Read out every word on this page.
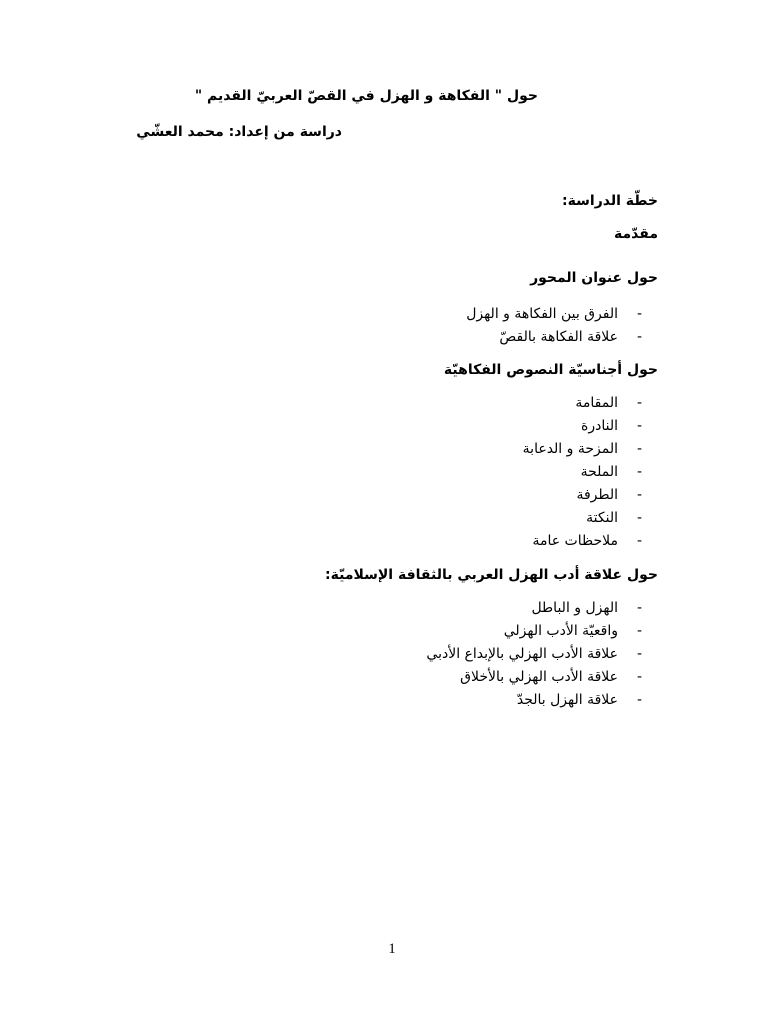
حول " الفكاهة و الهزل في القصّ العربيّ القديم "

دراسة من إعداد: محمد العشّي

خطّة الدراسة:

مقدّمة

حول عنوان المحور
-
الفرق بين الفكاهة و الهزل
-
علاقة الفكاهة بالقصّ
حول أجناسيّة النصوص الفكاهيّة
-
المقامة
-
النادرة
-
المزحة و الدعابة
-
الملحة
-
الطرفة
-
النكتة
-
ملاحظات عامة
حول علاقة أدب الهزل العربي بالثقافة الإسلاميّة:
-
الهزل و الباطل
-
واقعيّة الأدب الهزلي
-
علاقة الأدب الهزلي بالإبداع الأدبي
-
علاقة الأدب الهزلي بالأخلاق
-
علاقة الهزل بالجدّ
1
